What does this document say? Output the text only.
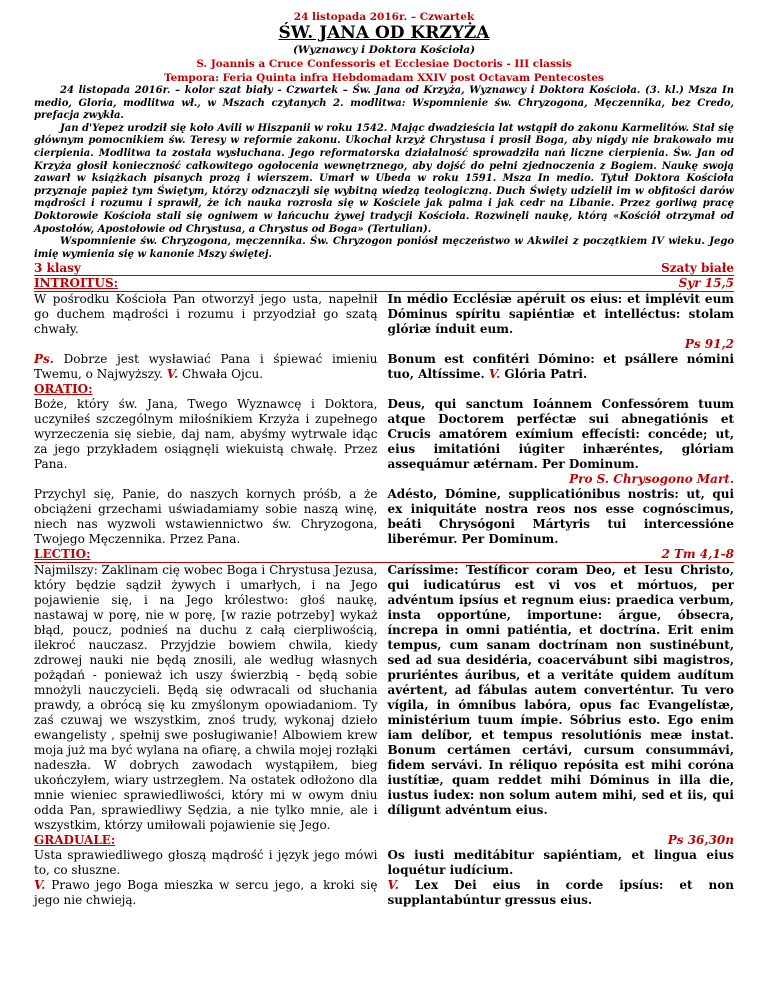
24 listopada 2016r. – Czwartek
ŚW. JANA OD KRZYŻA
(Wyznawcy i Doktora Kościoła)
S. Joannis a Cruce Confessoris et Ecclesiae Doctoris - III classis
Tempora: Feria Quinta infra Hebdomadam XXIV post Octavam Pentecostes

24 listopada 2016r. – kolor szat biały - Czwartek – Św. Jana od Krzyża, Wyznawcy i Doktora Kościoła. (3. kl.) Msza In medio, Gloria, modlitwa wł., w Mszach czytanych 2. modlitwa: Wspomnienie św. Chryzogona, Męczennika, bez Credo, prefacja zwykła.

Jan d'Yepez urodził się koło Avili w Hiszpanii w roku 1542. Mając dwadzieścia lat wstąpił do zakonu Karmelitów. Stał się głównym pomocnikiem św. Teresy w reformie zakonu. Ukochał krzyż Chrystusa i prosił Boga, aby nigdy nie brakowało mu cierpienia. Modlitwa ta została wysłuchana. Jego reformatorska działalność sprowadziła nań liczne cierpienia. Św. Jan od Krzyża głosił konieczność całkowitego ogołocenia wewnętrznego, aby dojść do pełni zjednoczenia z Bogiem. Naukę swoją zawarł w książkach pisanych prozą i wierszem. Umarł w Ubeda w roku 1591. Msza In medio. Tytuł Doktora Kościoła przyznaje papież tym Świętym, którzy odznaczyli się wybitną wiedzą teologiczną. Duch Święty udzielił im w obfitości darów mądrości i rozumu i sprawił, że ich nauka rozrosła się w Kościele jak palma i jak cedr na Libanie. Przez gorliwą pracę Doktorowie Kościoła stali się ogniwem w łańcuchu żywej tradycji Kościoła. Rozwinęli naukę, którą «Kościół otrzymał od Apostołów, Apostołowie od Chrystusa, a Chrystus od Boga» (Tertulian).

Wspomnienie św. Chryzogona, męczennika. Św. Chryzogon poniósł męczeństwo w Akwilei z początkiem IV wieku. Jego imię wymienia się w kanonie Mszy świętej.

3 klasy	Szaty białe
INTROITUS:	Syr 15,5
W pośrodku Kościoła Pan otworzył jego usta, napełnił go duchem mądrości i rozumu i przyodział go szatą chwały.
In médio Ecclésiæ apéruit os eius: et implévit eum Dóminus spíritu sapiéntiæ et intelléctus: stolam glóriæ índuit eum.
Ps 91,2
Ps. Dobrze jest wysławiać Pana i śpiewać imieniu Twemu, o Najwyższy. V. Chwała Ojcu.
Bonum est confitéri Dómino: et psállere nómini tuo, Altíssime. V. Glória Patri.
ORATIO:
Boże, który św. Jana, Twego Wyznawcę i Doktora, uczyniłeś szczególnym miłośnikiem Krzyża i zupełnego wyrzeczenia się siebie, daj nam, abyśmy wytrwale idąc za jego przykładem osiągnęli wiekuistą chwałę. Przez Pana.
Deus, qui sanctum Ioánnem Confessórem tuum atque Doctorem perféctæ sui abnegatiónis et Crucis amatórem exímium effecísti: concéde; ut, eius imitatióni iúgiter inhæréntes, glóriam assequámur ætérnam. Per Dominum.
Pro S. Chrysogono Mart.
Przychyl się, Panie, do naszych kornych próśb, a że obciążeni grzechami uświadamiamy sobie naszą winę, niech nas wyzwoli wstawiennictwo św. Chryzogona, Twojego Męczennika. Przez Pana.
Adésto, Dómine, supplicatiónibus nostris: ut, qui ex iniquitáte nostra reos nos esse cognóscimus, beáti Chrysógoni Mártyris tui intercessióne liberémur. Per Dominum.
LECTIO:	2 Tm 4,1-8
Najmilszy: Zaklinam cię wobec Boga i Chrystusa Jezusa, który będzie sądził żywych i umarłych, i na Jego pojawienie się, i na Jego królestwo: głoś naukę, nastawaj w porę, nie w porę, [w razie potrzeby] wykaż błąd, poucz, podnieś na duchu z całą cierpliwością, ilekroć nauczasz. Przyjdzie bowiem chwila, kiedy zdrowej nauki nie będą znosili, ale według własnych pożądań - ponieważ ich uszy świerzbią - będą sobie mnożyli nauczycieli. Będą się odwracali od słuchania prawdy, a obrócą się ku zmyślonym opowiadaniom. Ty zaś czuwaj we wszystkim, znoś trudy, wykonaj dzieło ewangelisty , spełnij swe posługiwanie! Albowiem krew moja już ma być wylana na ofiarę, a chwila mojej rozłąki nadeszła. W dobrych zawodach wystąpiłem, bieg ukończyłem, wiary ustrzegłem. Na ostatek odłożono dla mnie wieniec sprawiedliwości, który mi w owym dniu odda Pan, sprawiedliwy Sędzia, a nie tylko mnie, ale i wszystkim, którzy umiłowali pojawienie się Jego.
Caríssime: Testíficor coram Deo, et Iesu Christo, qui iudicatúrus est vi vos et mórtuos, per advéntum ipsíus et regnum eius: praedica verbum, insta opportúne, importune: árgue, óbsecra, íncrepa in omni patiéntia, et doctrína. Erit enim tempus, cum sanam doctrínam non sustinébunt, sed ad sua desidéria, coacervábunt sibi magistros, pruriéntes áuribus, et a veritáte quidem audítum avértent, ad fábulas autem converténtur. Tu vero vígila, in ómnibus labóra, opus fac Evangelístæ, ministérium tuum ímpie. Sóbrius esto. Ego enim iam delíbor, et tempus resolutiónis meæ instat. Bonum certámen certávi, cursum consummávi, fidem servávi. In réliquo repósita est mihi coróna iustítiæ, quam reddet mihi Dóminus in illa die, iustus iudex: non solum autem mihi, sed et iis, qui díligunt advéntum eius.
GRADUALE:	Ps 36,30n
Usta sprawiedliwego głoszą mądrość i język jego mówi to, co słuszne.
V. Prawo jego Boga mieszka w sercu jego, a kroki się jego nie chwieją.
Os iusti meditábitur sapiéntiam, et lingua eius loquétur iudícium.
V. Lex Dei eius in corde ipsíus: et non supplantabúntur gressus eius.
